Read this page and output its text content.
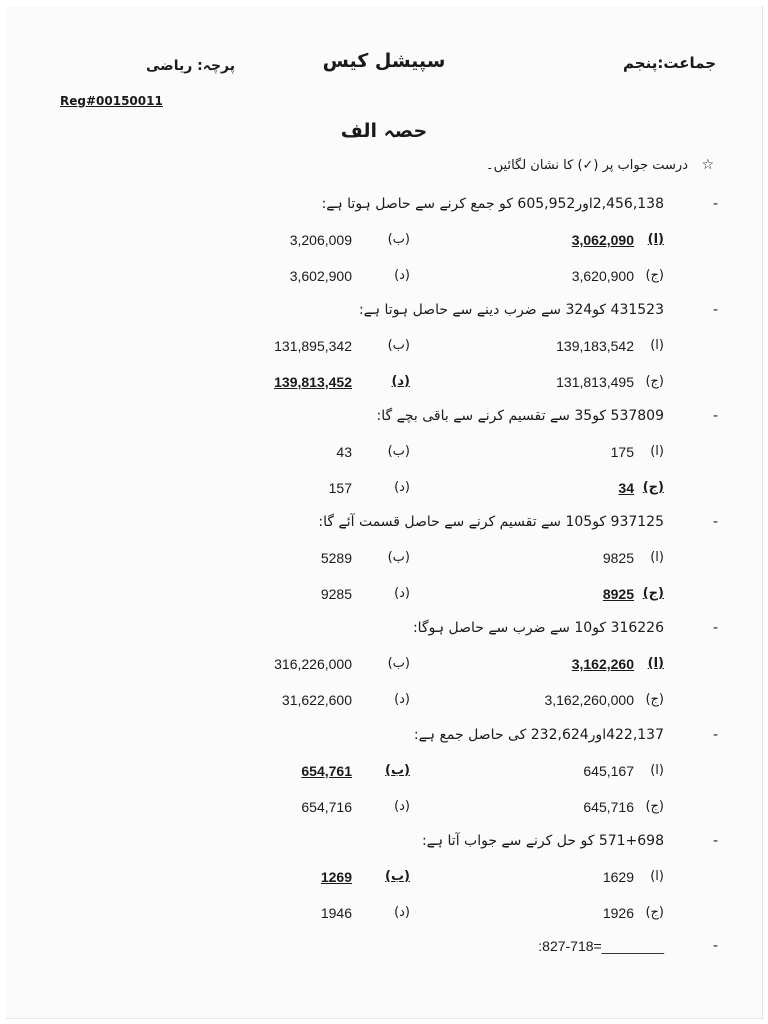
جماعت:پنجم
سپیشل کیس
پرچہ: ریاضی
Reg#00150011
حصہ الف
☆
درست جواب پر (✓) کا نشان لگائیں۔
-
2,456,138اور605,952 کو جمع کرنے سے حاصل ہوتا ہے:
(ا)
3,062,090
(ب)
3,206,009
(ج)
3,620,900
(د)
3,602,900
-
431523 کو324 سے ضرب دینے سے حاصل ہوتا ہے:
(ا)
139,183,542
(ب)
131,895,342
(ج)
131,813,495
(د)
139,813,452
-
537809 کو35 سے تقسیم کرنے سے باقی بچے گا:
(ا)
175
(ب)
43
(ج)
34
(د)
157
-
937125 کو105 سے تقسیم کرنے سے حاصل قسمت آئے گا:
(ا)
9825
(ب)
5289
(ج)
8925
(د)
9285
-
316226 کو10 سے ضرب سے حاصل ہوگا:
(ا)
3,162,260
(ب)
316,226,000
(ج)
3,162,260,000
(د)
31,622,600
-
422,137اور232,624 کی حاصل جمع ہے:
(ا)
645,167
(ب)
654,761
(ج)
645,716
(د)
654,716
-
571+698 کو حل کرنے سے جواب آتا ہے:
(ا)
1629
(ب)
1269
(ج)
1926
(د)
1946
-
:827-718=________
